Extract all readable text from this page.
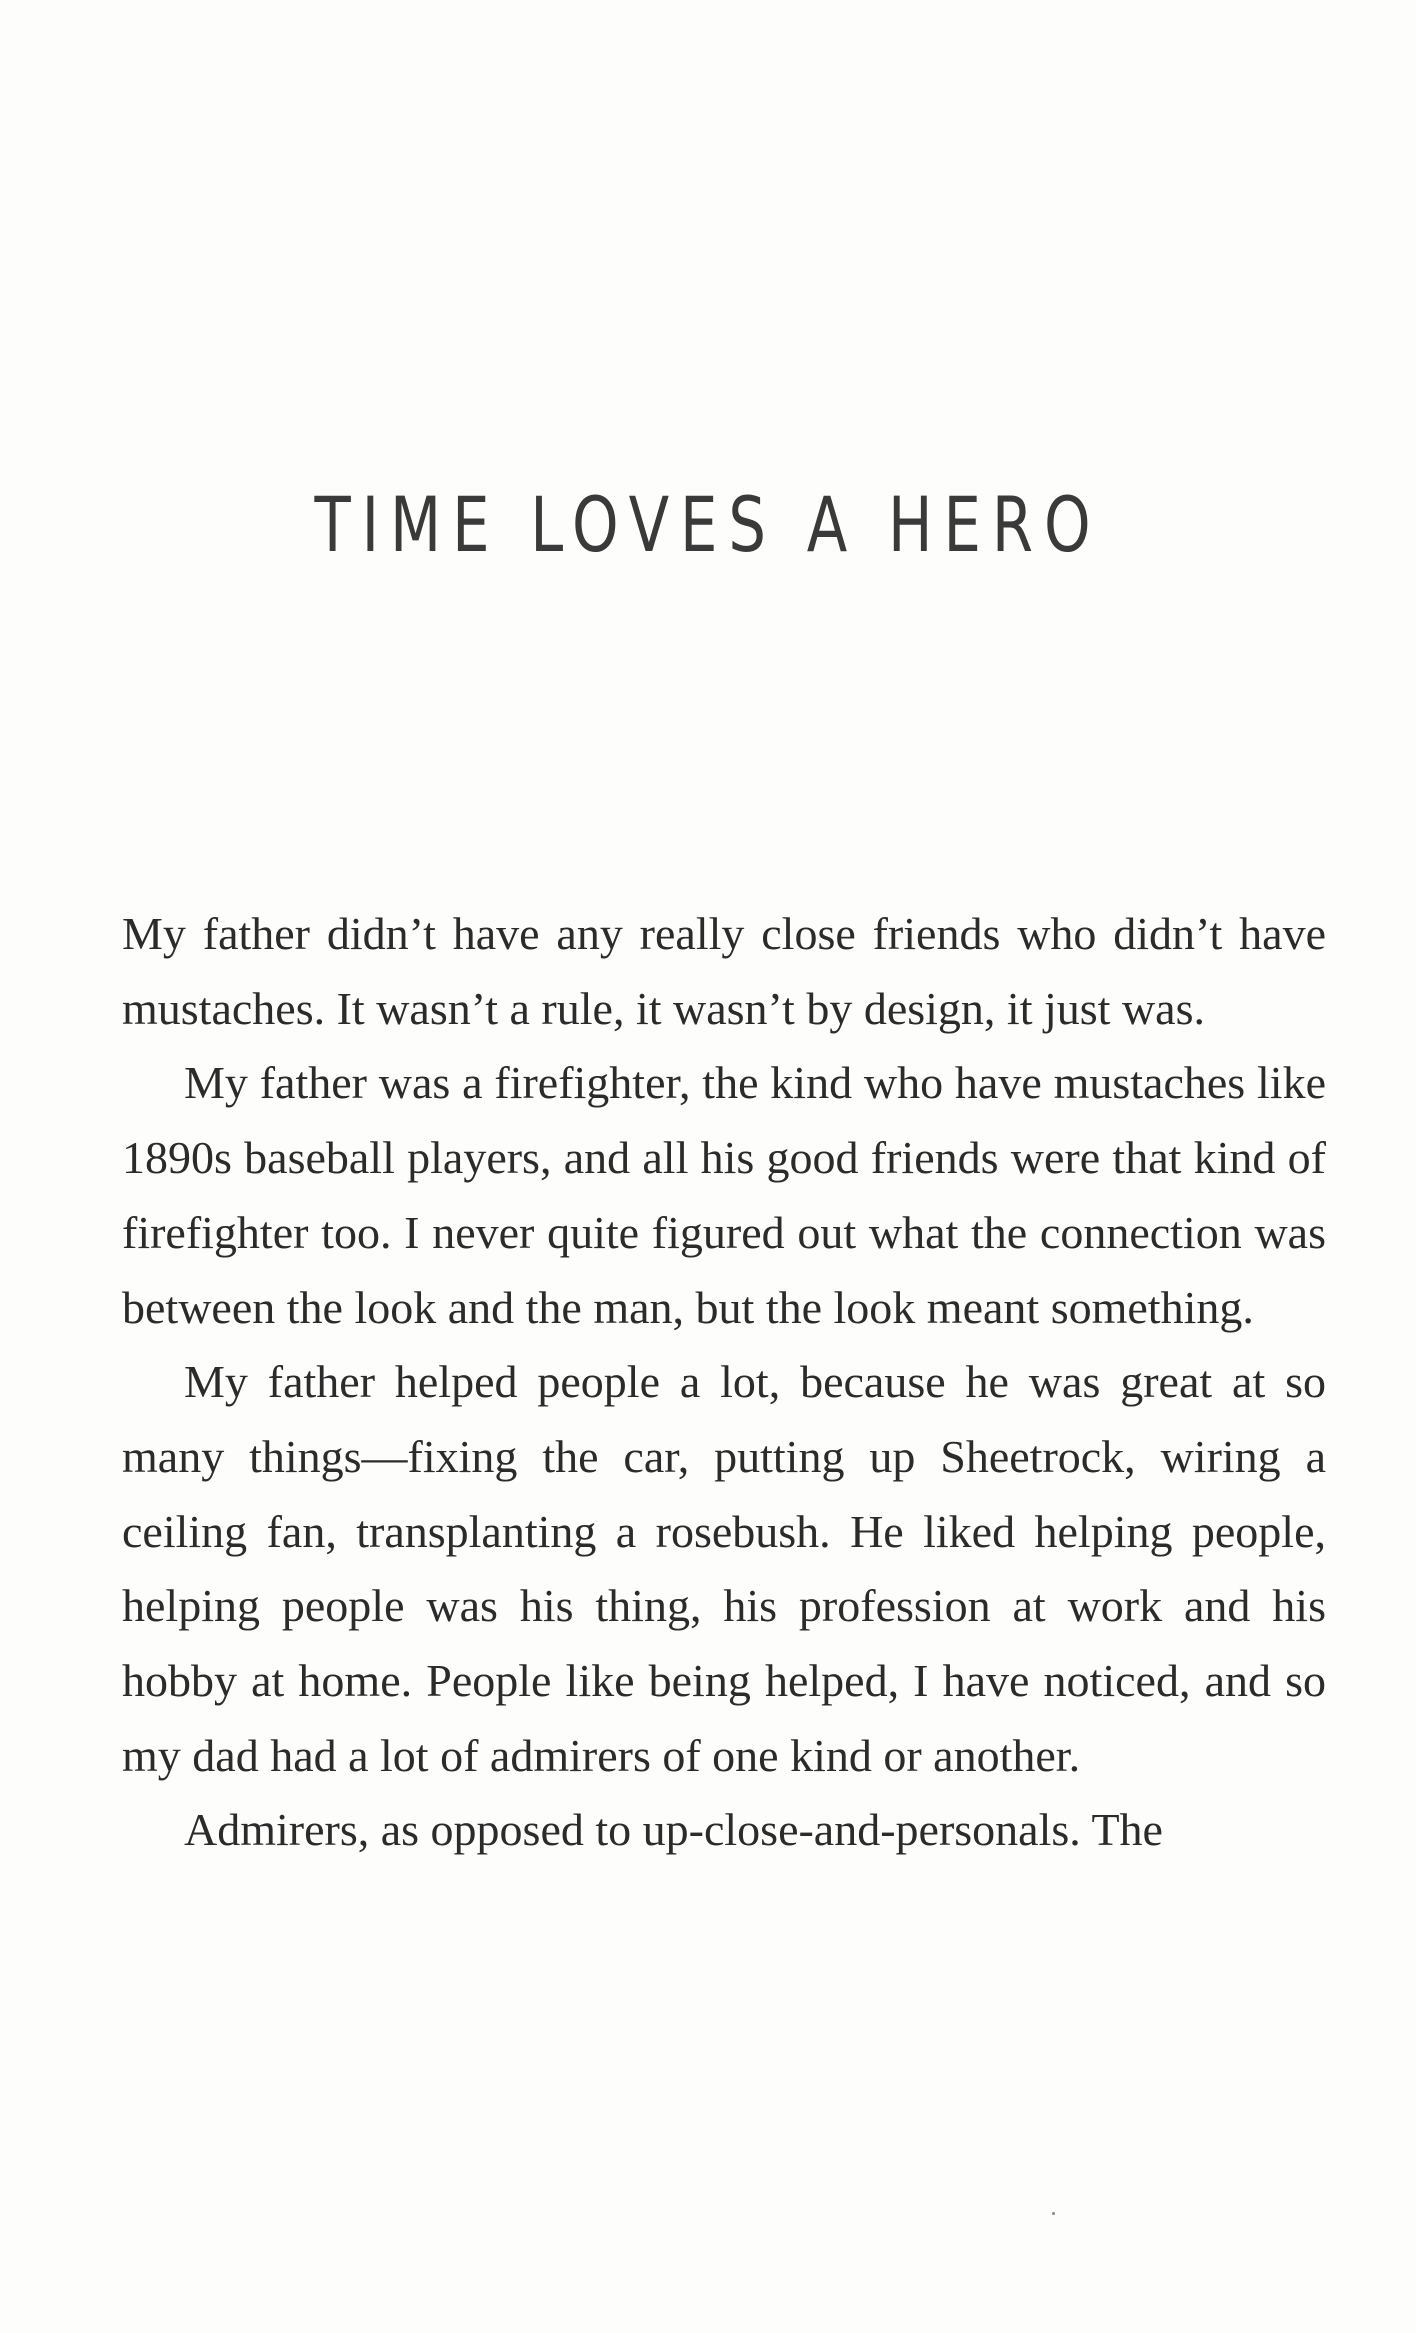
TIME LOVES A HERO

My father didn’t have any really close friends who didn’t have mustaches. It wasn’t a rule, it wasn’t by design, it just was.

My father was a firefighter, the kind who have mustaches like 1890s baseball players, and all his good friends were that kind of firefighter too. I never quite figured out what the connection was between the look and the man, but the look meant something.

My father helped people a lot, because he was great at so many things—fixing the car, putting up Sheetrock, wiring a ceiling fan, transplanting a rosebush. He liked helping people, helping people was his thing, his profession at work and his hobby at home. People like being helped, I have noticed, and so my dad had a lot of admirers of one kind or another.

Admirers, as opposed to up-close-and-personals. The
